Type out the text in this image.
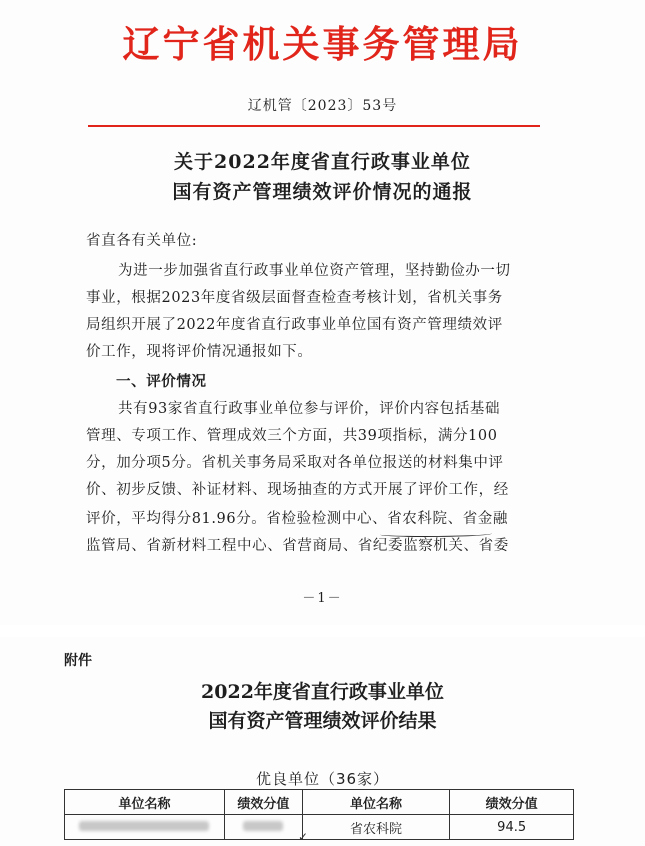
辽宁省机关事务管理局
辽机管〔2023〕53号
关于2022年度省直行政事业单位
国有资产管理绩效评价情况的通报
省直各有关单位:
为进一步加强省直行政事业单位资产管理，坚持勤俭办一切
事业，根据2023年度省级层面督查检查考核计划，省机关事务
局组织开展了2022年度省直行政事业单位国有资产管理绩效评
价工作，现将评价情况通报如下。
一、评价情况
共有93家省直行政事业单位参与评价，评价内容包括基础
管理、专项工作、管理成效三个方面，共39项指标，满分100
分，加分项5分。省机关事务局采取对各单位报送的材料集中评
价、初步反馈、补证材料、现场抽查的方式开展了评价工作，经
评价，平均得分81.96分。省检验检测中心、省农科院、省金融
监管局、省新材料工程中心、省营商局、省纪委监察机关、省委
－1－
附件
2022年度省直行政事业单位
国有资产管理绩效评价结果
优良单位（36家）
单位名称	绩效分值	单位名称	绩效分值
		省农科院	94.5
✓
